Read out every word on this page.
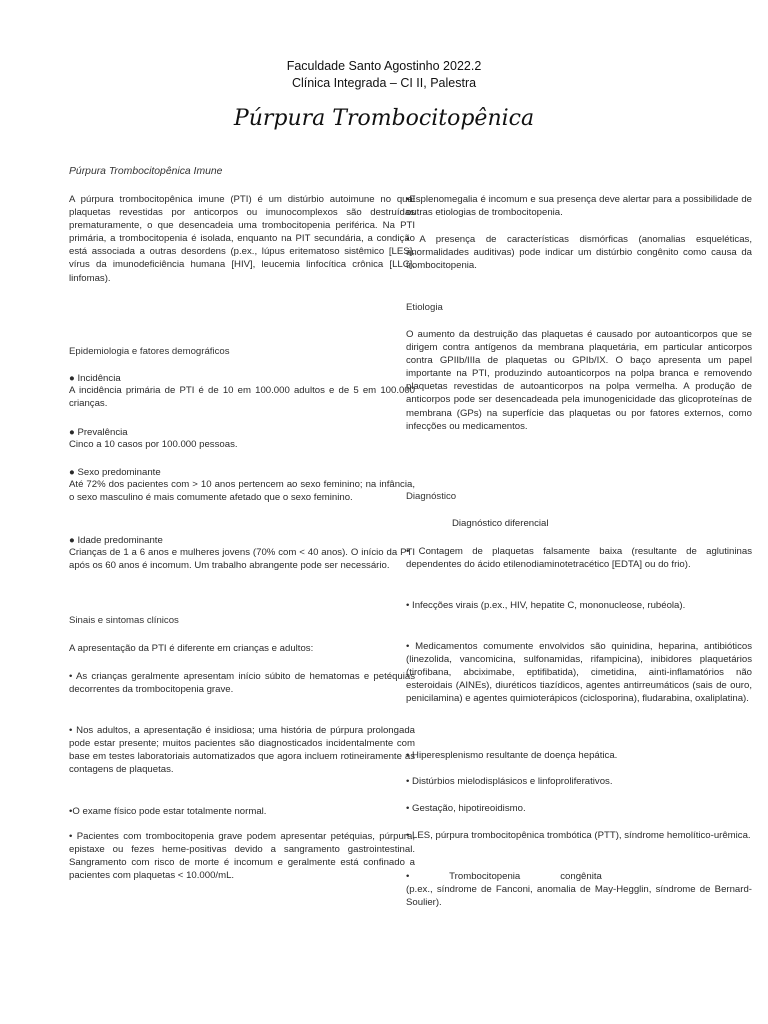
Faculdade Santo Agostinho 2022.2
Clínica Integrada – CI II, Palestra
Púrpura Trombocitopênica

Púrpura Trombocitopênica Imune

A púrpura trombocitopênica imune (PTI) é um distúrbio autoimune no qual plaquetas revestidas por anticorpos ou imunocomplexos são destruídas prematuramente, o que desencadeia uma trombocitopenia periférica. Na PTI primária, a trombocitopenia é isolada, enquanto na PIT secundária, a condição está associada a outras desordens (p.ex., lúpus eritematoso sistêmico [LES], vírus da imunodeficiência humana [HIV], leucemia linfocítica crônica [LLC], linfomas).

Epidemiologia e fatores demográficos

● Incidência

A incidência primária de PTI é de 10 em 100.000 adultos e de 5 em 100.000 crianças.

● Prevalência

Cinco a 10 casos por 100.000 pessoas.

● Sexo predominante

Até 72% dos pacientes com > 10 anos pertencem ao sexo feminino; na infância, o sexo masculino é mais comumente afetado que o sexo feminino.

● Idade predominante

Crianças de 1 a 6 anos e mulheres jovens (70% com < 40 anos). O início da PTI após os 60 anos é incomum. Um trabalho abrangente pode ser necessário.

Sinais e sintomas clínicos

A apresentação da PTI é diferente em crianças e adultos:

• As crianças geralmente apresentam início súbito de hematomas e petéquias decorrentes da trombocitopenia grave.

• Nos adultos, a apresentação é insidiosa; uma história de púrpura prolongada pode estar presente; muitos pacientes são diagnosticados incidentalmente com base em testes laboratoriais automatizados que agora incluem rotineiramente as contagens de plaquetas.

•O exame físico pode estar totalmente normal.

• Pacientes com trombocitopenia grave podem apresentar petéquias, púrpura, epistaxe ou fezes heme-positivas devido a sangramento gastrointestinal. Sangramento com risco de morte é incomum e geralmente está confinado a pacientes com plaquetas < 10.000/mL.

•Esplenomegalia é incomum e sua presença deve alertar para a possibilidade de outras etiologias de trombocitopenia.

• A presença de características dismórficas (anomalias esqueléticas, anormalidades auditivas) pode indicar um distúrbio congênito como causa da trombocitopenia.

Etiologia

O aumento da destruição das plaquetas é causado por autoanticorpos que se dirigem contra antígenos da membrana plaquetária, em particular anticorpos contra GPIIb/IIIa de plaquetas ou GPIb/IX. O baço apresenta um papel importante na PTI, produzindo autoanticorpos na polpa branca e removendo plaquetas revestidas de autoanticorpos na polpa vermelha. A produção de anticorpos pode ser desencadeada pela imunogenicidade das glicoproteínas de membrana (GPs) na superfície das plaquetas ou por fatores externos, como infecções ou medicamentos.

Diagnóstico

Diagnóstico diferencial

• Contagem de plaquetas falsamente baixa (resultante de aglutininas dependentes do ácido etilenodiaminotetracético [EDTA] ou do frio).

• Infecções virais (p.ex., HIV, hepatite C, mononucleose, rubéola).

• Medicamentos comumente envolvidos são quinidina, heparina, antibióticos (linezolida, vancomicina, sulfonamidas, rifampicina), inibidores plaquetários (tirofibana, abciximabe, eptifibatida), cimetidina, ainti-inflamatórios não esteroidais (AINEs), diuréticos tiazídicos, agentes antirreumáticos (sais de ouro, penicilamina) e agentes quimioterápicos (ciclosporina), fludarabina, oxaliplatina).

• Hiperesplenismo resultante de doença hepática.

• Distúrbios mielodisplásicos e linfoproliferativos.

• Gestação, hipotireoidismo.

• LES, púrpura trombocitopênica trombótica (PTT), síndrome hemolítico-urêmica.

•               Trombocitopenia               congênita

(p.ex., síndrome de Fanconi, anomalia de May-Hegglin, síndrome de Bernard-Soulier).
